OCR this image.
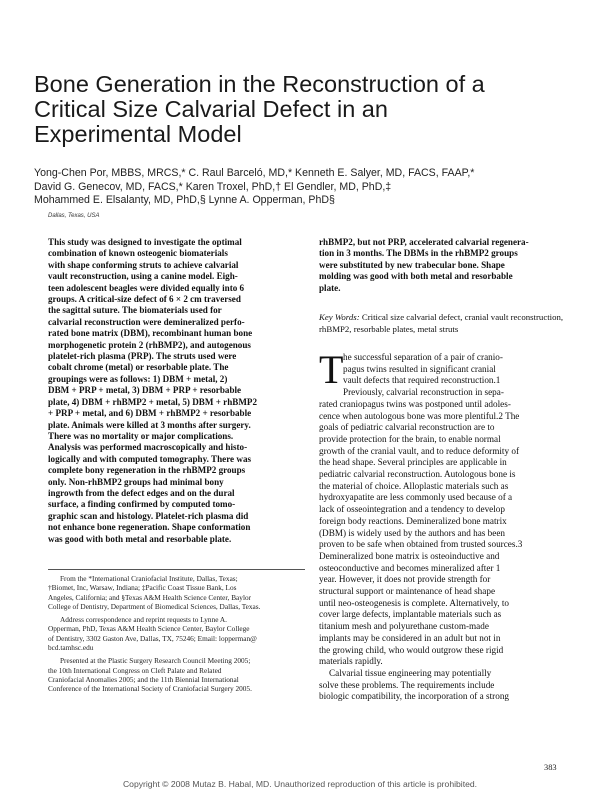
Bone Generation in the Reconstruction of a
Critical Size Calvarial Defect in an
Experimental Model
Yong-Chen Por, MBBS, MRCS,* C. Raul Barceló, MD,* Kenneth E. Salyer, MD, FACS, FAAP,*
David G. Genecov, MD, FACS,* Karen Troxel, PhD,† El Gendler, MD, PhD,‡
Mohammed E. Elsalanty, MD, PhD,§ Lynne A. Opperman, PhD§
Dallas, Texas, USA
This study was designed to investigate the optimal
combination of known osteogenic biomaterials
with shape conforming struts to achieve calvarial
vault reconstruction, using a canine model. Eigh-
teen adolescent beagles were divided equally into 6
groups. A critical-size defect of 6 × 2 cm traversed
the sagittal suture. The biomaterials used for
calvarial reconstruction were demineralized perfo-
rated bone matrix (DBM), recombinant human bone
morphogenetic protein 2 (rhBMP2), and autogenous
platelet-rich plasma (PRP). The struts used were
cobalt chrome (metal) or resorbable plate. The
groupings were as follows: 1) DBM + metal, 2)
DBM + PRP + metal, 3) DBM + PRP + resorbable
plate, 4) DBM + rhBMP2 + metal, 5) DBM + rhBMP2
+ PRP + metal, and 6) DBM + rhBMP2 + resorbable
plate. Animals were killed at 3 months after surgery.
There was no mortality or major complications.
Analysis was performed macroscopically and histo-
logically and with computed tomography. There was
complete bony regeneration in the rhBMP2 groups
only. Non-rhBMP2 groups had minimal bony
ingrowth from the defect edges and on the dural
surface, a finding confirmed by computed tomo-
graphic scan and histology. Platelet-rich plasma did
not enhance bone regeneration. Shape conformation
was good with both metal and resorbable plate.
rhBMP2, but not PRP, accelerated calvarial regenera-
tion in 3 months. The DBMs in the rhBMP2 groups
were substituted by new trabecular bone. Shape
molding was good with both metal and resorbable
plate.
Key Words: Critical size calvarial defect, cranial vault reconstruction, rhBMP2, resorbable plates, metal struts
T he successful separation of a pair of cranio-
pagus twins resulted in significant cranial
vault defects that required reconstruction.1
Previously, calvarial reconstruction in sepa-
rated craniopagus twins was postponed until adoles-
cence when autologous bone was more plentiful.2 The
goals of pediatric calvarial reconstruction are to
provide protection for the brain, to enable normal
growth of the cranial vault, and to reduce deformity of
the head shape. Several principles are applicable in
pediatric calvarial reconstruction. Autologous bone is
the material of choice. Alloplastic materials such as
hydroxyapatite are less commonly used because of a
lack of osseointegration and a tendency to develop
foreign body reactions. Demineralized bone matrix
(DBM) is widely used by the authors and has been
proven to be safe when obtained from trusted sources.3
Demineralized bone matrix is osteoinductive and
osteoconductive and becomes mineralized after 1
year. However, it does not provide strength for
structural support or maintenance of head shape
until neo-osteogenesis is complete. Alternatively, to
cover large defects, implantable materials such as
titanium mesh and polyurethane custom-made
implants may be considered in an adult but not in
the growing child, who would outgrow these rigid
materials rapidly.
Calvarial tissue engineering may potentially
solve these problems. The requirements include
biologic compatibility, the incorporation of a strong

From the *International Craniofacial Institute, Dallas, Texas;
†Biomet, Inc, Warsaw, Indiana; ‡Pacific Coast Tissue Bank, Los
Angeles, California; and §Texas A&M Health Science Center, Baylor
College of Dentistry, Department of Biomedical Sciences, Dallas, Texas.

Address correspondence and reprint requests to Lynne A.
Opperman, PhD, Texas A&M Health Science Center, Baylor College
of Dentistry, 3302 Gaston Ave, Dallas, TX, 75246; Email: lopperman@
bcd.tamhsc.edu

Presented at the Plastic Surgery Research Council Meeting 2005;
the 10th International Congress on Cleft Palate and Related
Craniofacial Anomalies 2005; and the 11th Biennial International
Conference of the International Society of Craniofacial Surgery 2005.

383
Copyright © 2008 Mutaz B. Habal, MD. Unauthorized reproduction of this article is prohibited.
